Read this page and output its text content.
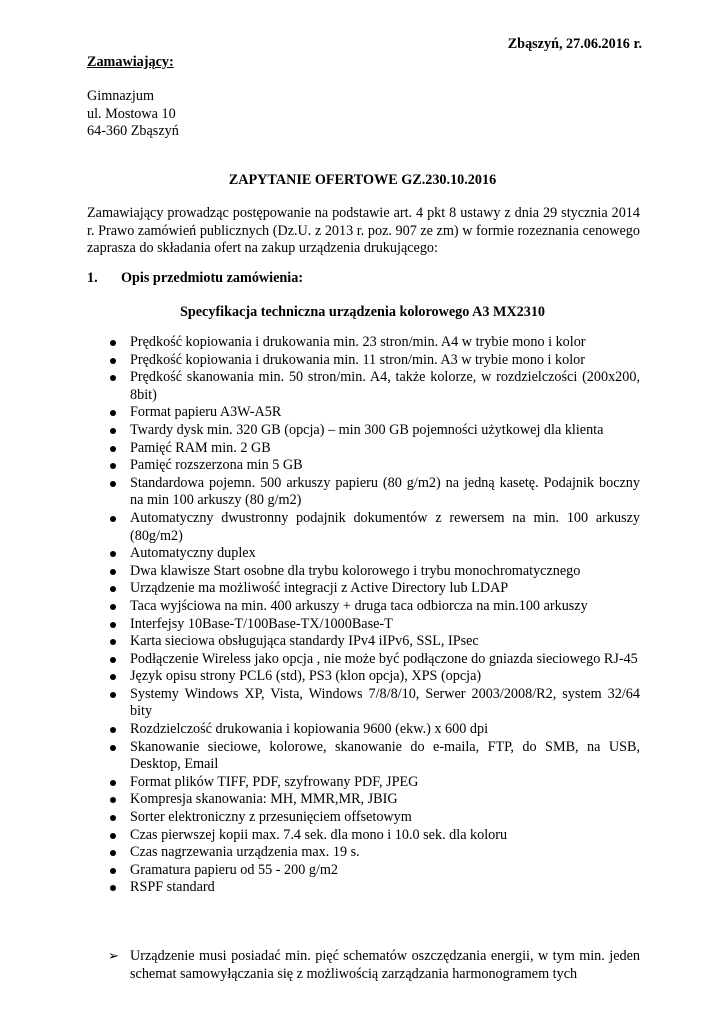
Zbąszyń, 27.06.2016 r.
Zamawiający:
Gimnazjum
ul. Mostowa 10
64-360 Zbąszyń
ZAPYTANIE OFERTOWE GZ.230.10.2016
Zamawiający prowadząc postępowanie na podstawie art. 4 pkt 8 ustawy z dnia 29 stycznia 2014 r. Prawo zamówień publicznych (Dz.U. z 2013 r. poz. 907 ze zm) w formie rozeznania cenowego zaprasza do składania ofert na zakup urządzenia drukującego:
1. Opis przedmiotu zamówienia:
Specyfikacja techniczna urządzenia kolorowego A3 MX2310
Prędkość kopiowania i drukowania min. 23 stron/min. A4 w trybie mono i kolor
Prędkość kopiowania i drukowania min. 11 stron/min. A3 w trybie mono i kolor
Prędkość skanowania min. 50 stron/min. A4, także kolorze, w rozdzielczości (200x200, 8bit)
Format papieru A3W-A5R
Twardy dysk min. 320 GB (opcja) – min 300 GB pojemności użytkowej dla klienta
Pamięć RAM min. 2 GB
Pamięć rozszerzona min 5 GB
Standardowa pojemn. 500 arkuszy papieru (80 g/m2) na jedną kasetę. Podajnik boczny na min 100 arkuszy (80 g/m2)
Automatyczny dwustronny podajnik dokumentów z rewersem na min. 100 arkuszy (80g/m2)
Automatyczny duplex
Dwa klawisze Start osobne dla trybu kolorowego i trybu monochromatycznego
Urządzenie ma możliwość integracji z Active Directory lub LDAP
Taca wyjściowa na min. 400 arkuszy + druga taca odbiorcza na min.100 arkuszy
Interfejsy 10Base-T/100Base-TX/1000Base-T
Karta sieciowa obsługująca standardy IPv4 iIPv6, SSL, IPsec
Podłączenie Wireless jako opcja , nie może być podłączone do gniazda sieciowego RJ-45
Język opisu strony PCL6 (std), PS3 (klon opcja), XPS (opcja)
Systemy Windows XP, Vista, Windows 7/8/8/10, Serwer 2003/2008/R2, system 32/64 bity
Rozdzielczość drukowania i kopiowania 9600 (ekw.) x 600 dpi
Skanowanie sieciowe, kolorowe, skanowanie do e-maila, FTP, do SMB, na USB, Desktop, Email
Format plików TIFF, PDF, szyfrowany PDF, JPEG
Kompresja skanowania: MH, MMR,MR, JBIG
Sorter elektroniczny z przesunięciem offsetowym
Czas pierwszej kopii max. 7.4 sek. dla mono i 10.0 sek. dla koloru
Czas nagrzewania urządzenia max. 19 s.
Gramatura papieru od 55 - 200 g/m2
RSPF standard
➢ Urządzenie musi posiadać min. pięć schematów oszczędzania energii, w tym min. jeden schemat samowyłączania się z możliwością zarządzania harmonogramem tych
